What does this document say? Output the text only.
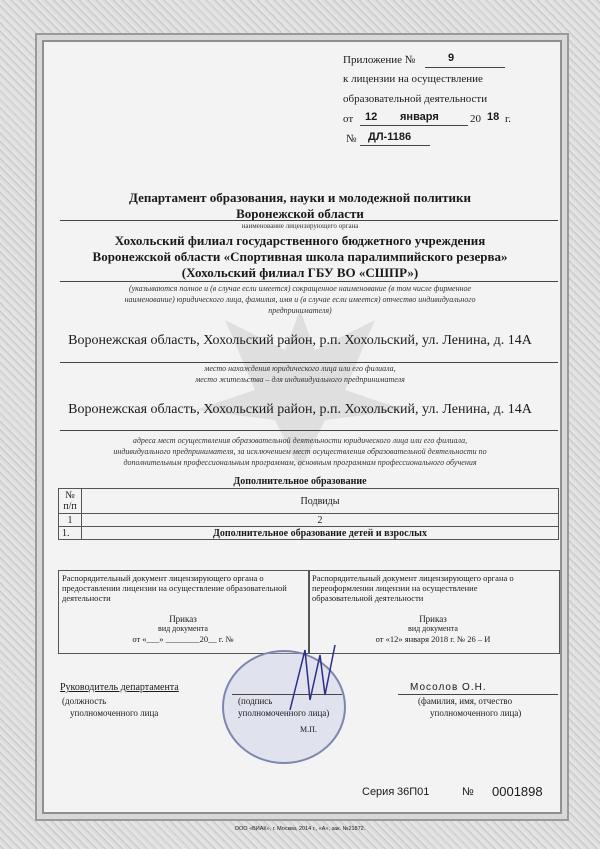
Приложение №	9
к лицензии на осуществление
образовательной деятельности
от 12 января	20 18 г.
№ ДЛ-1186
Департамент образования, науки и молодежной политики
Воронежской области
наименование лицензирующего органа
Хохольский филиал государственного бюджетного учреждения
Воронежской области «Спортивная школа паралимпийского резерва»
(Хохольский филиал ГБУ ВО «СШПР»)
(указываются полное и (в случае если имеется) сокращенное наименование (в том числе фирменное
наименование) юридического лица, фамилия, имя и (в случае если имеется) отчество индивидуального
предпринимателя)
Воронежская область, Хохольский район, р.п. Хохольский, ул. Ленина, д. 14А
место нахождения юридического лица или его филиала,
место жительства – для индивидуального предпринимателя
Воронежская область, Хохольский район, р.п. Хохольский, ул. Ленина, д. 14А
адреса мест осуществления образовательной деятельности юридического лица или его филиала,
индивидуального предпринимателя, за исключением мест осуществления образовательной деятельности по
дополнительным профессиональным программам, основным программам профессионального обучения
Дополнительное образование
№
п/п	Подвиды
1	2
1.	Дополнительное образование детей и взрослых
Распорядительный документ лицензирующего органа о
предоставлении лицензии на осуществление образовательной
деятельности
Приказ
вид документа
от «___» ________20__ г. №
Распорядительный документ лицензирующего органа о
переоформлении лицензии на осуществление
образовательной деятельности
Приказ
вид документа
от «12» января 2018 г. № 26 – И
Руководитель департамента
(должность
уполномоченного лица
(подпись
уполномоченного лица)
М.П.
Мосолов О.Н.
(фамилия, имя, отчество
уполномоченного лица)
Серия 36П01	№ 0001898
ООО «ВИАК», г. Москва, 2014 г., «А», зак. №21872.
